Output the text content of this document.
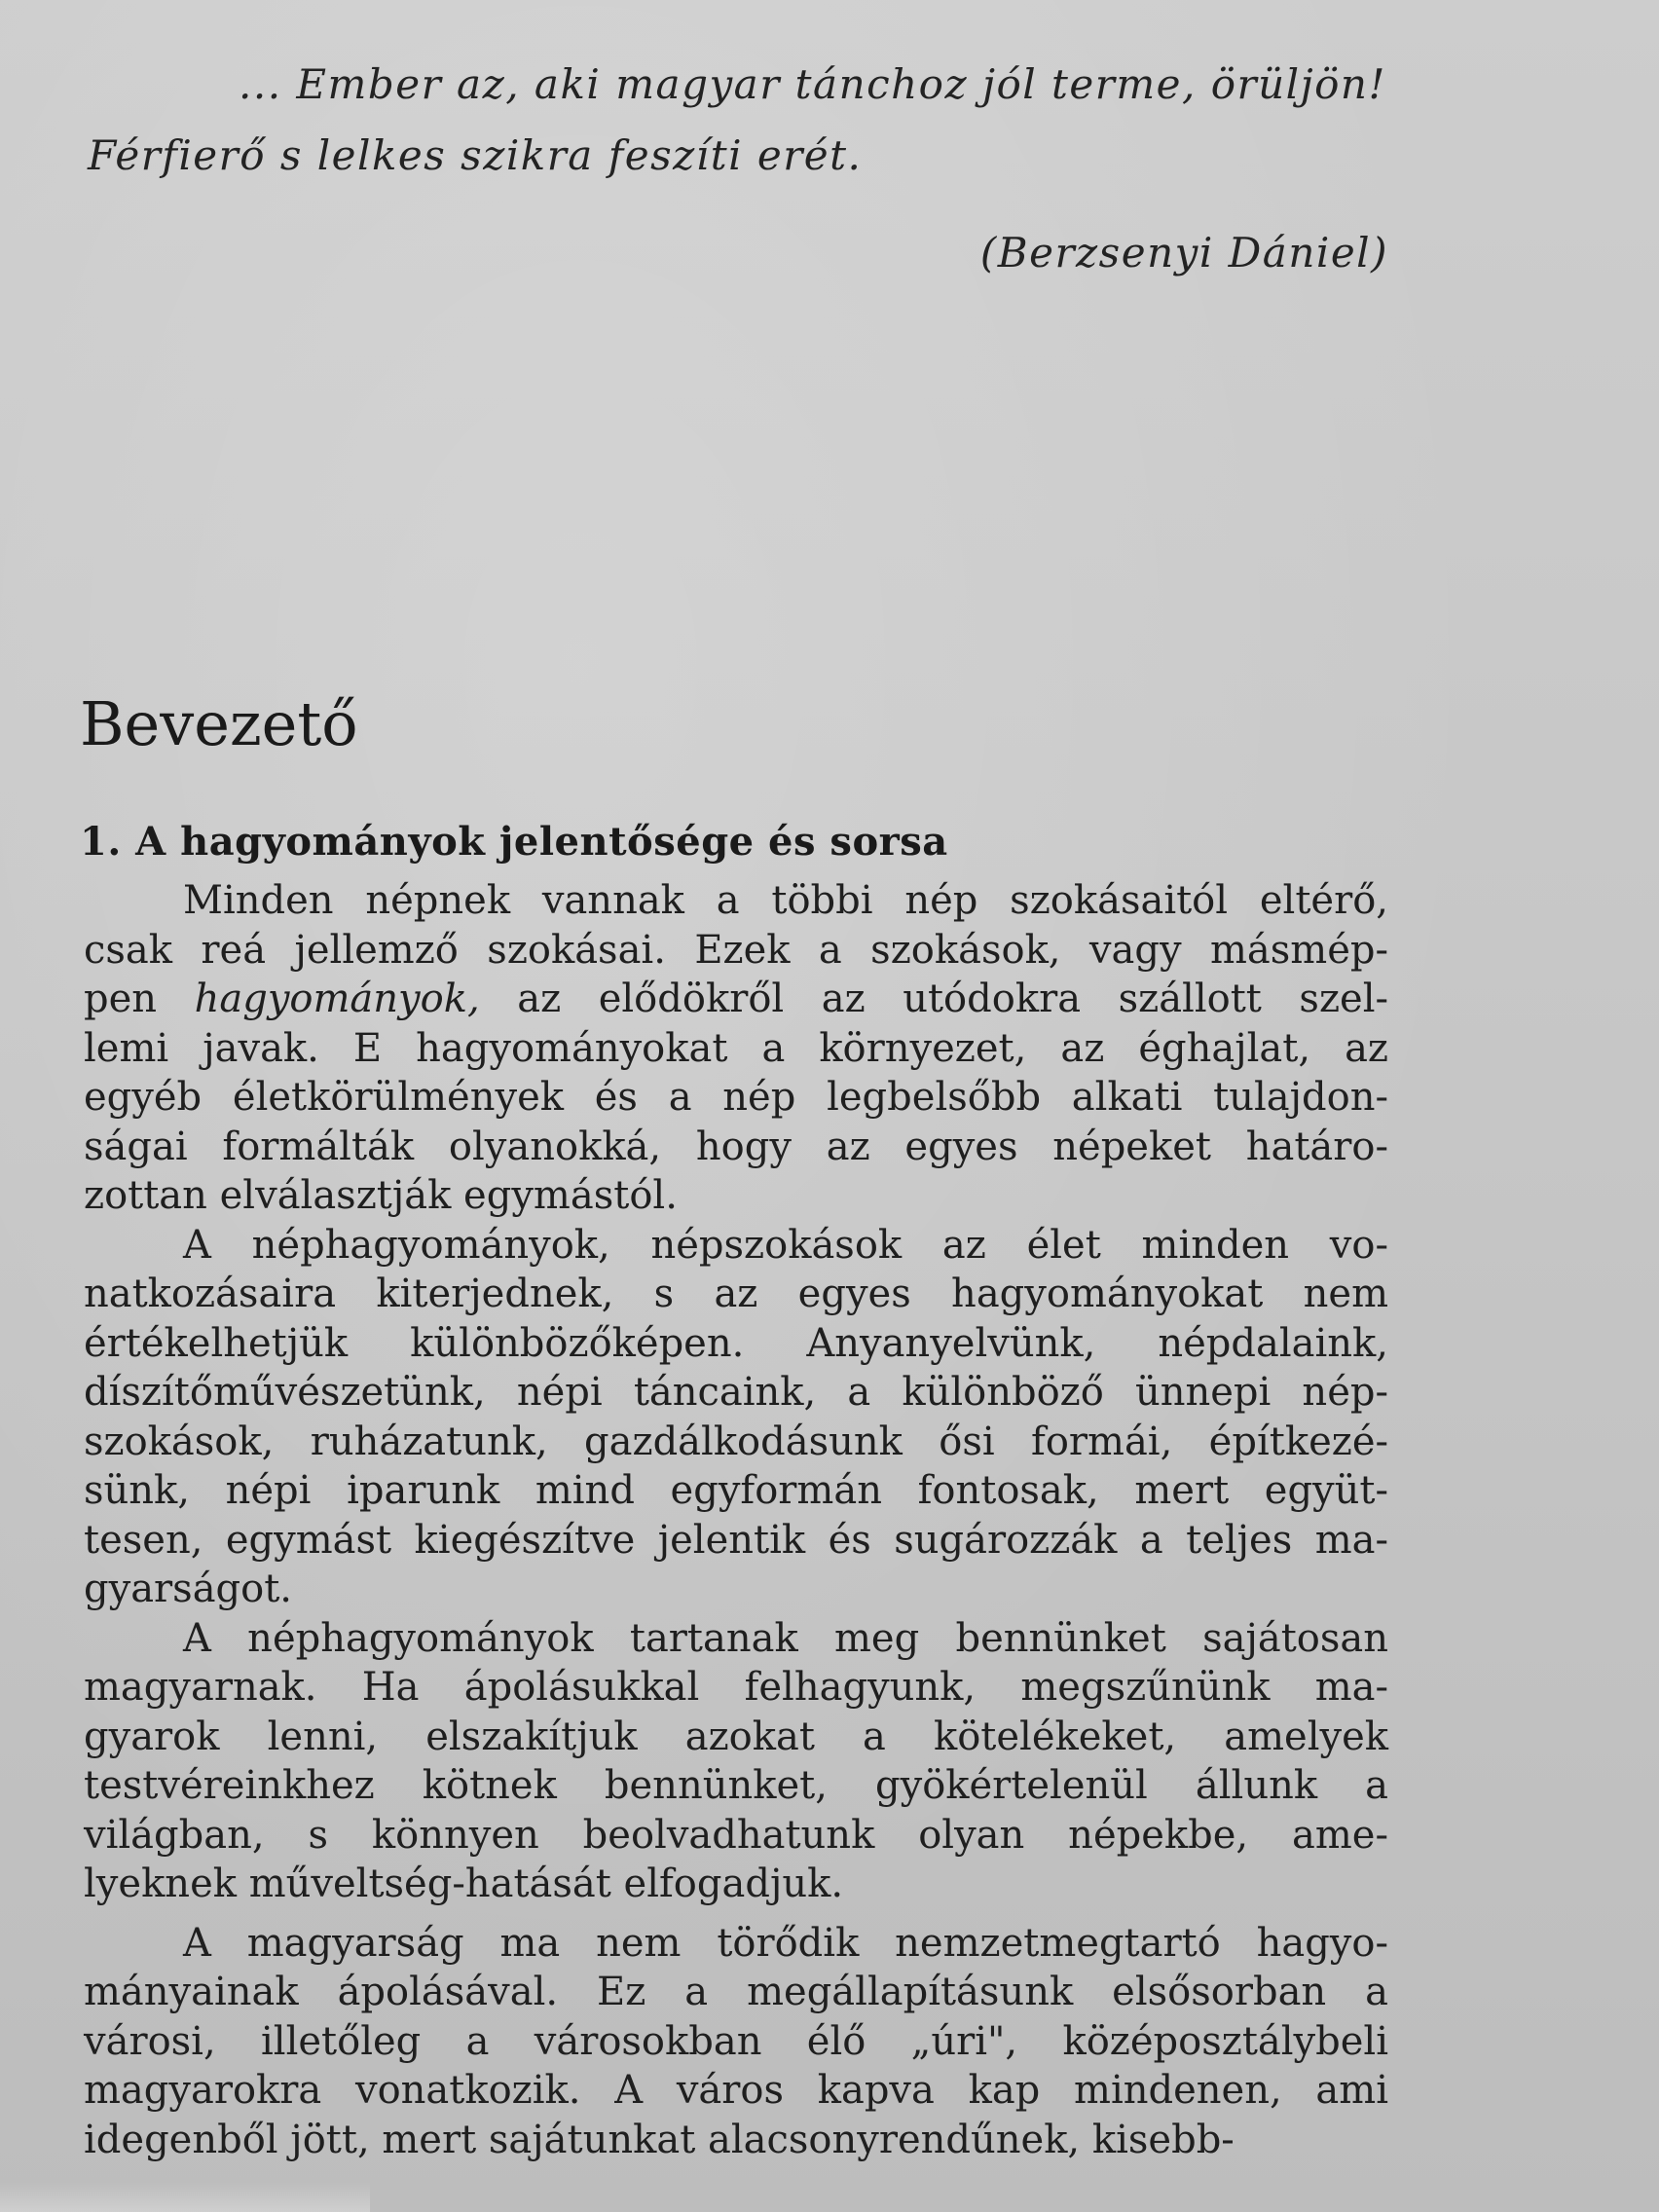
... Ember az, aki magyar tánchoz jól terme, örüljön!
Férfierő s lelkes szikra feszíti erét.
(Berzsenyi Dániel)
Bevezető
1. A hagyományok jelentősége és sorsa
Minden népnek vannak a többi nép szokásaitól eltérő,
csak reá jellemző szokásai. Ezek a szokások, vagy másmép-
pen hagyományok, az elődökről az utódokra szállott szel-
lemi javak. E hagyományokat a környezet, az éghajlat, az
egyéb életkörülmények és a nép legbelsőbb alkati tulajdon-
ságai formálták olyanokká, hogy az egyes népeket határo-
zottan elválasztják egymástól.
A néphagyományok, népszokások az élet minden vo-
natkozásaira kiterjednek, s az egyes hagyományokat nem
értékelhetjük különbözőképen. Anyanyelvünk, népdalaink,
díszítőművészetünk, népi táncaink, a különböző ünnepi nép-
szokások, ruházatunk, gazdálkodásunk ősi formái, építkezé-
sünk, népi iparunk mind egyformán fontosak, mert együt-
tesen, egymást kiegészítve jelentik és sugározzák a teljes ma-
gyarságot.
A néphagyományok tartanak meg bennünket sajátosan
magyarnak. Ha ápolásukkal felhagyunk, megszűnünk ma-
gyarok lenni, elszakítjuk azokat a kötelékeket, amelyek
testvéreinkhez kötnek bennünket, gyökértelenül állunk a
világban, s könnyen beolvadhatunk olyan népekbe, ame-
lyeknek műveltség-hatását elfogadjuk.
A magyarság ma nem törődik nemzetmegtartó hagyo-
mányainak ápolásával. Ez a megállapításunk elsősorban a
városi, illetőleg a városokban élő „úri", középosztálybeli
magyarokra vonatkozik. A város kapva kap mindenen, ami
idegenből jött, mert sajátunkat alacsonyrendűnek, kisebb-
